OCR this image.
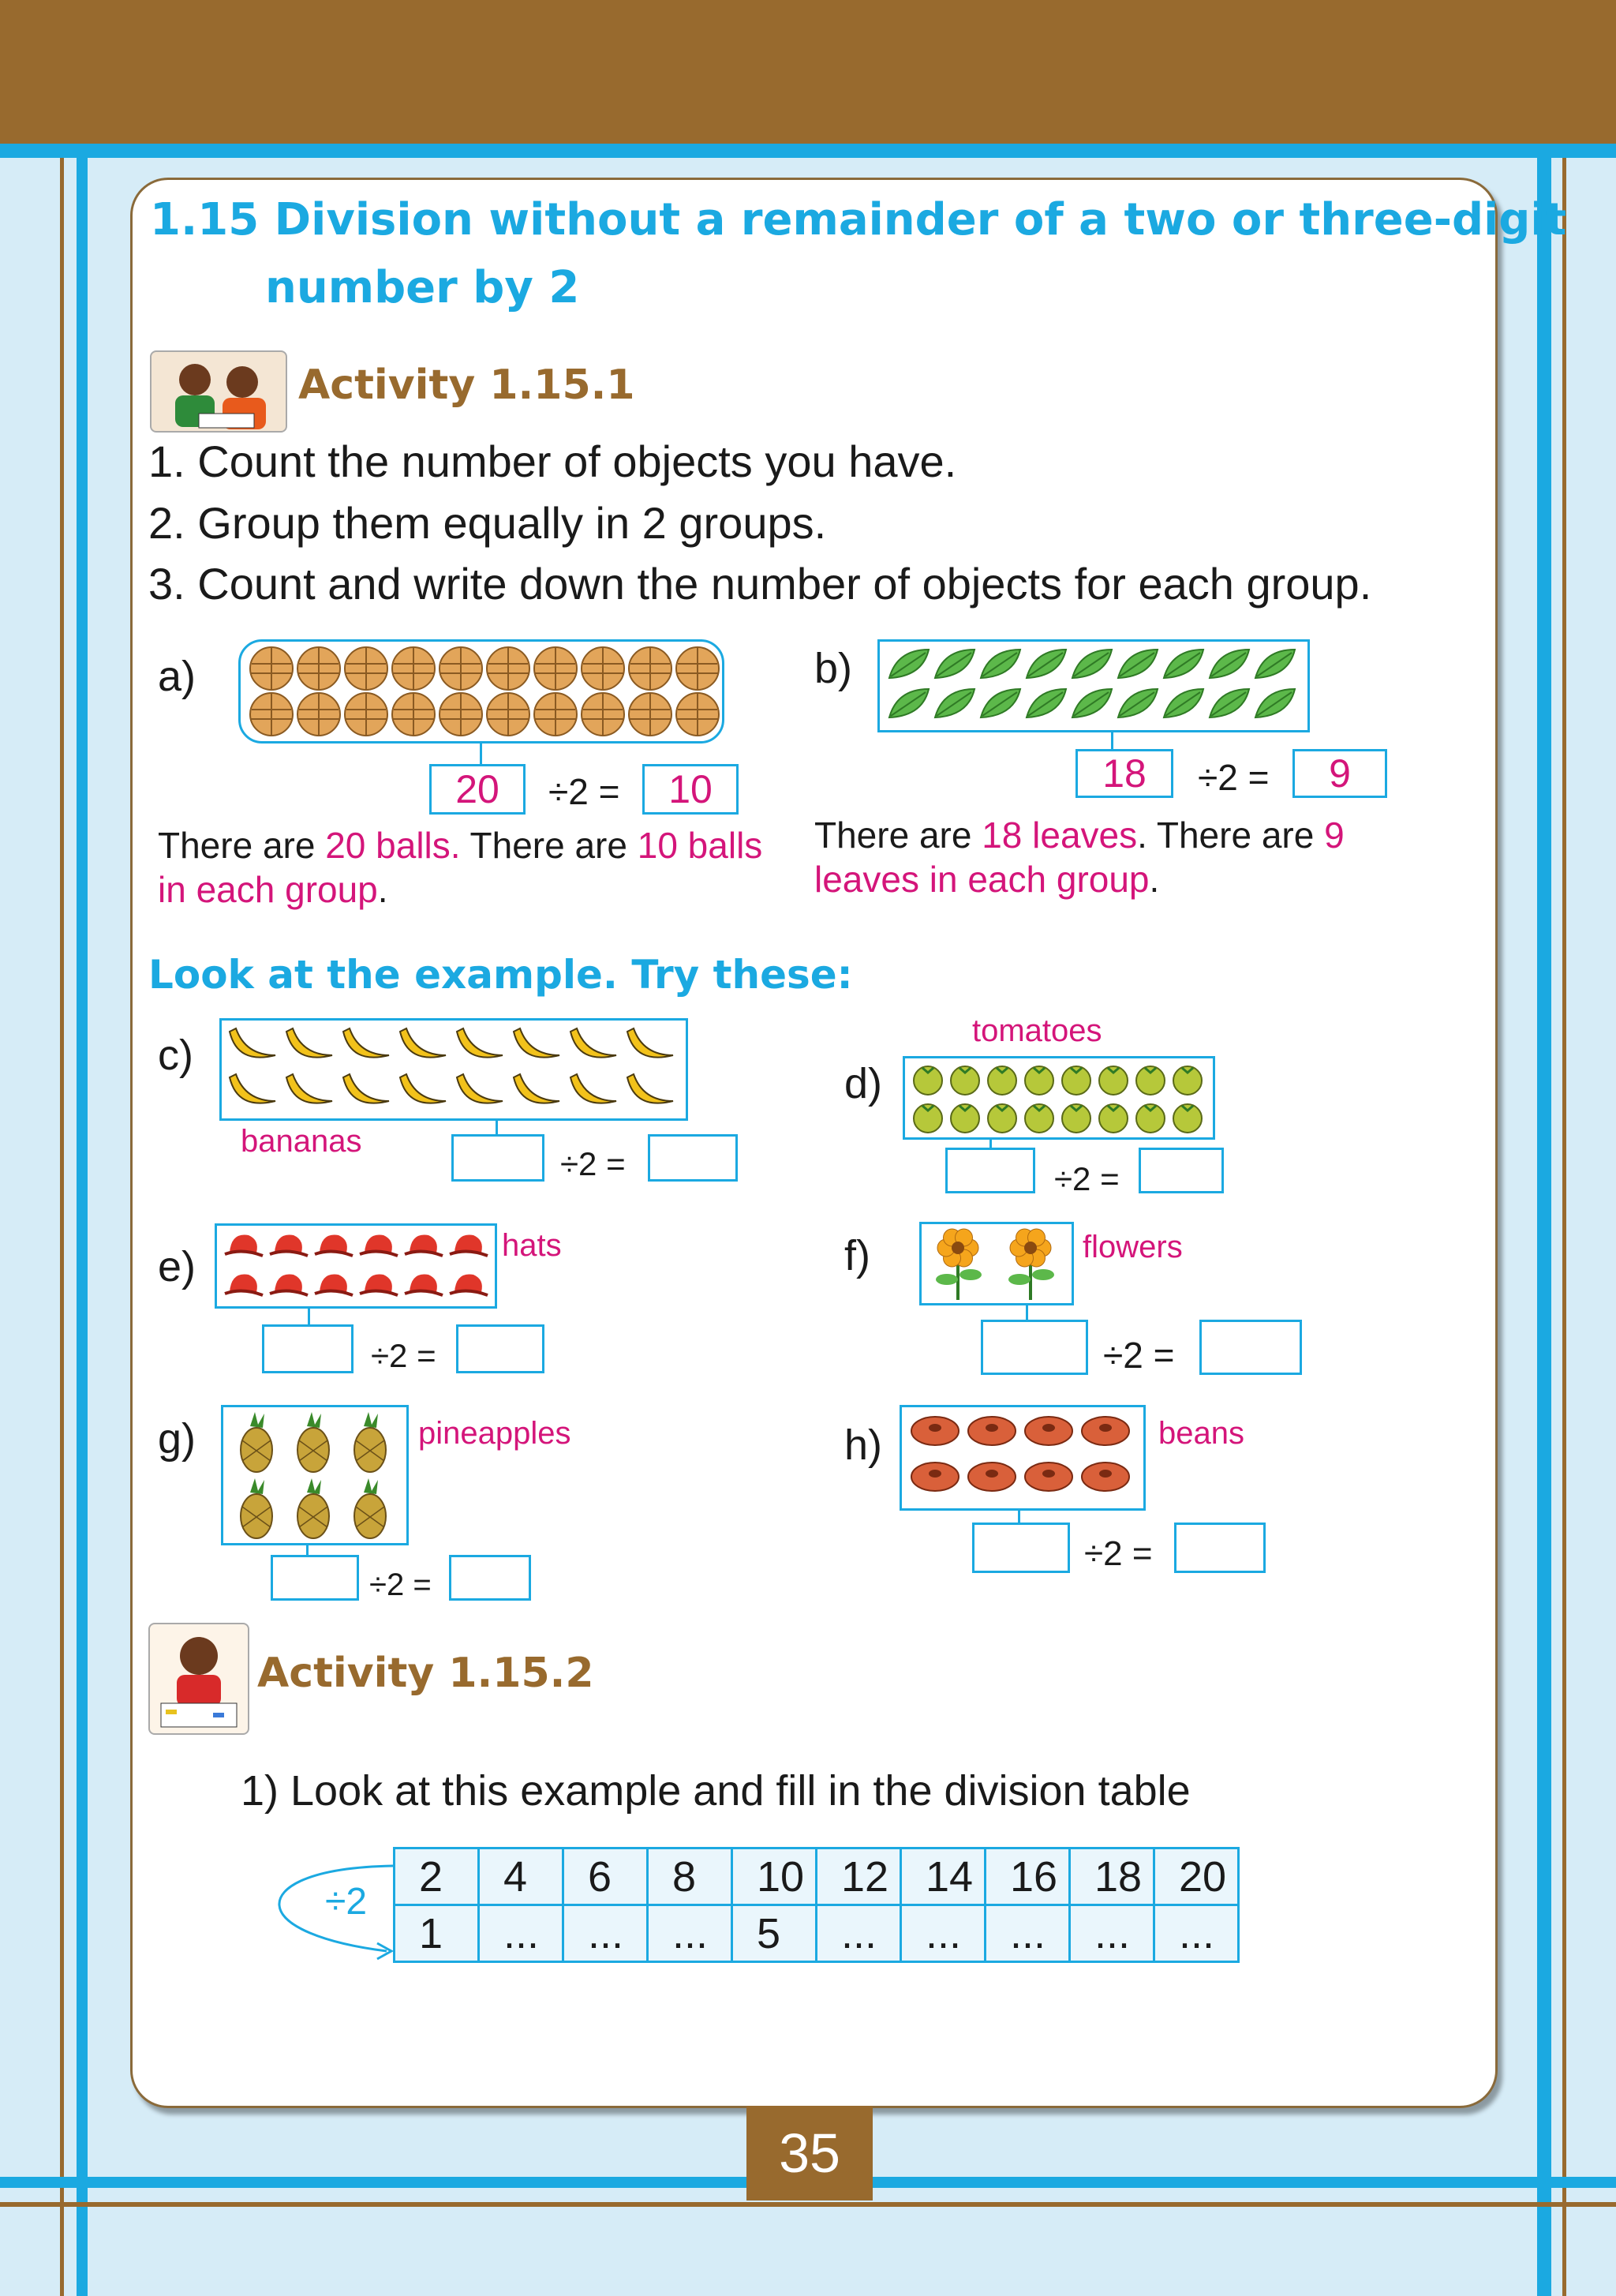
1.15 Division without a remainder of a two or three-digit
number by 2
Activity 1.15.1
1. Count the number of objects you have.
2. Group them equally in 2 groups.
3. Count and write down the number of objects for each group.
a)
20	÷2 =	10
There are 20 balls. There are 10 balls
in each group.
b)
18	÷2 =	9
There are 18 leaves. There are 9
leaves in each group.
Look at the example. Try these:
c)
bananas
÷2 =
tomatoes
d)
÷2 =
e)	hats
÷2 =
f)	flowers
÷2 =
g)	pineapples
÷2 =
h)	beans
÷2 =
Activity 1.15.2
1) Look at this example and fill in the division table
÷2
2	4	6	8	10	12	14	16	18	20
1	...	...	...	5	...	...	...	...	...
35
